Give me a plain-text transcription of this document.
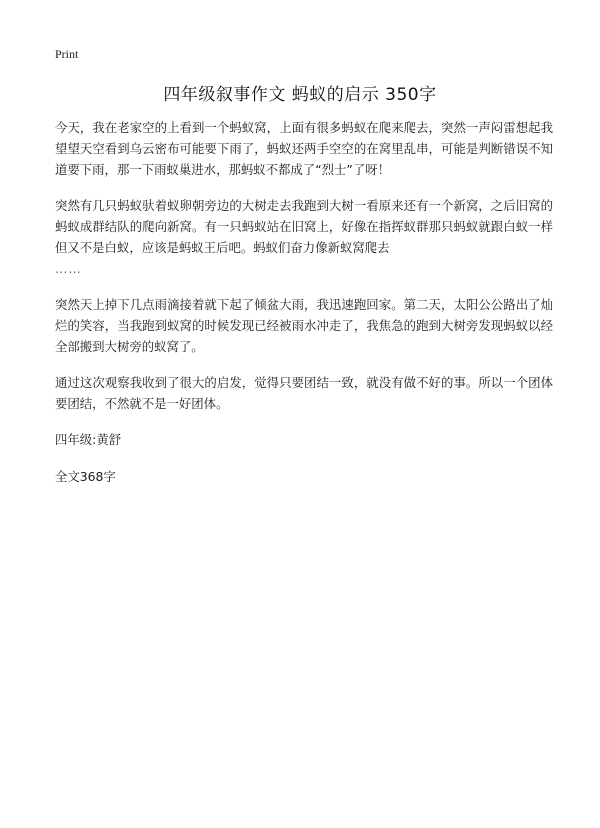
Print
四年级叙事作文 蚂蚁的启示 350字

今天，我在老家空的上看到一个蚂蚁窝，上面有很多蚂蚁在爬来爬去，突然一声闷雷想起我望望天空看到乌云密布可能要下雨了，蚂蚁还两手空空的在窝里乱串，可能是判断错误不知道要下雨，那一下雨蚁巢进水，那蚂蚁不都成了“烈士”了呀！

突然有几只蚂蚁驮着蚁卵朝旁边的大树走去我跑到大树一看原来还有一个新窝，之后旧窝的蚂蚁成群结队的爬向新窝。有一只蚂蚁站在旧窝上，好像在指挥蚁群那只蚂蚁就跟白蚁一样但又不是白蚁，应该是蚂蚁王后吧。蚂蚁们奋力像新蚁窝爬去
……

突然天上掉下几点雨滴接着就下起了倾盆大雨，我迅速跑回家。第二天，太阳公公路出了灿烂的笑容，当我跑到蚁窝的时候发现已经被雨水冲走了，我焦急的跑到大树旁发现蚂蚁以经全部搬到大树旁的蚁窝了。

通过这次观察我收到了很大的启发，觉得只要团结一致，就没有做不好的事。所以一个团体要团结，不然就不是一好团体。

四年级:黄舒

全文368字
